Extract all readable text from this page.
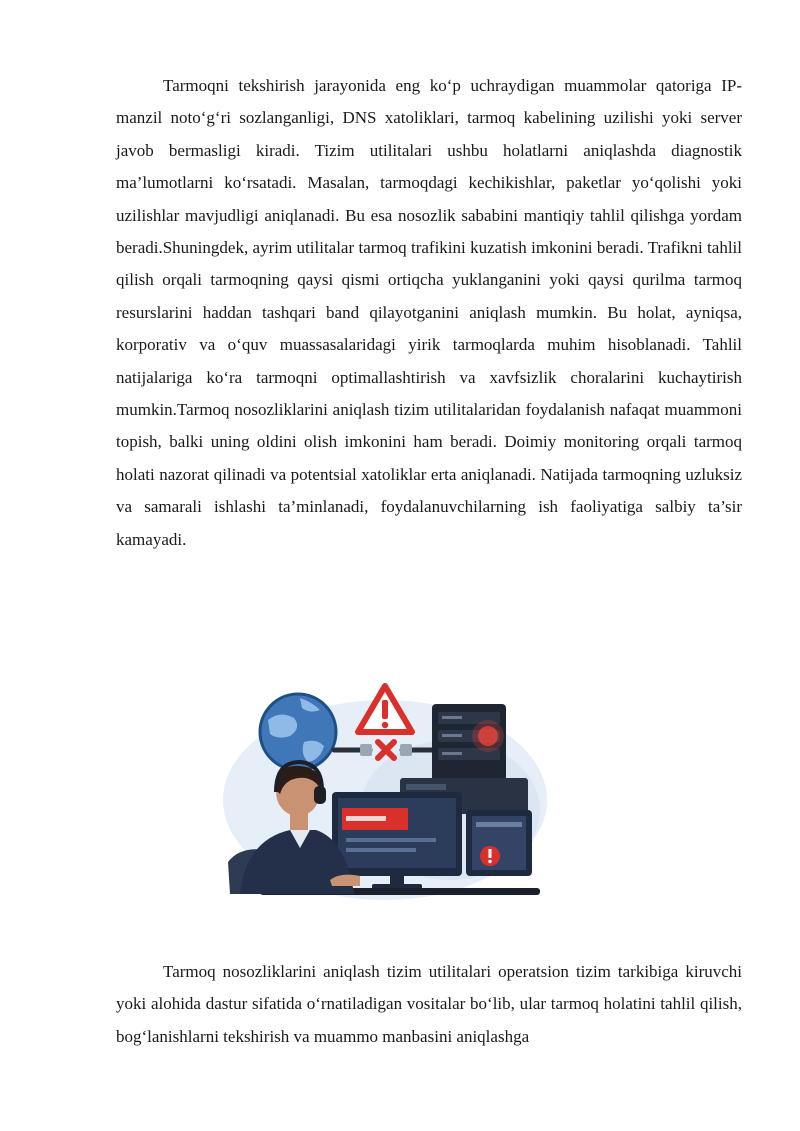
Tarmoqni tekshirish jarayonida eng ko‘p uchraydigan muammolar qatoriga IP-manzil noto‘g‘ri sozlanganligi, DNS xatoliklari, tarmoq kabelining uzilishi yoki server javob bermasligi kiradi. Tizim utilitalari ushbu holatlarni aniqlashda diagnostik ma’lumotlarni ko‘rsatadi. Masalan, tarmoqdagi kechikishlar, paketlar yo‘qolishi yoki uzilishlar mavjudligi aniqlanadi. Bu esa nosozlik sababini mantiqiy tahlil qilishga yordam beradi.Shuningdek, ayrim utilitalar tarmoq trafikini kuzatish imkonini beradi. Trafikni tahlil qilish orqali tarmoqning qaysi qismi ortiqcha yuklanganini yoki qaysi qurilma tarmoq resurslarini haddan tashqari band qilayotganini aniqlash mumkin. Bu holat, ayniqsa, korporativ va o‘quv muassasalaridagi yirik tarmoqlarda muhim hisoblanadi. Tahlil natijalariga ko‘ra tarmoqni optimallashtirish va xavfsizlik choralarini kuchaytirish mumkin.Tarmoq nosozliklarini aniqlash tizim utilitalaridan foydalanish nafaqat muammoni topish, balki uning oldini olish imkonini ham beradi. Doimiy monitoring orqali tarmoq holati nazorat qilinadi va potentsial xatoliklar erta aniqlanadi. Natijada tarmoqning uzluksiz va samarali ishlashi ta’minlanadi, foydalanuvchilarning ish faoliyatiga salbiy ta’sir kamayadi.

Tarmoq nosozliklarini aniqlash tizim utilitalari operatsion tizim tarkibiga kiruvchi yoki alohida dastur sifatida o‘rnatiladigan vositalar bo‘lib, ular tarmoq holatini tahlil qilish, bog‘lanishlarni tekshirish va muammo manbasini aniqlashga
